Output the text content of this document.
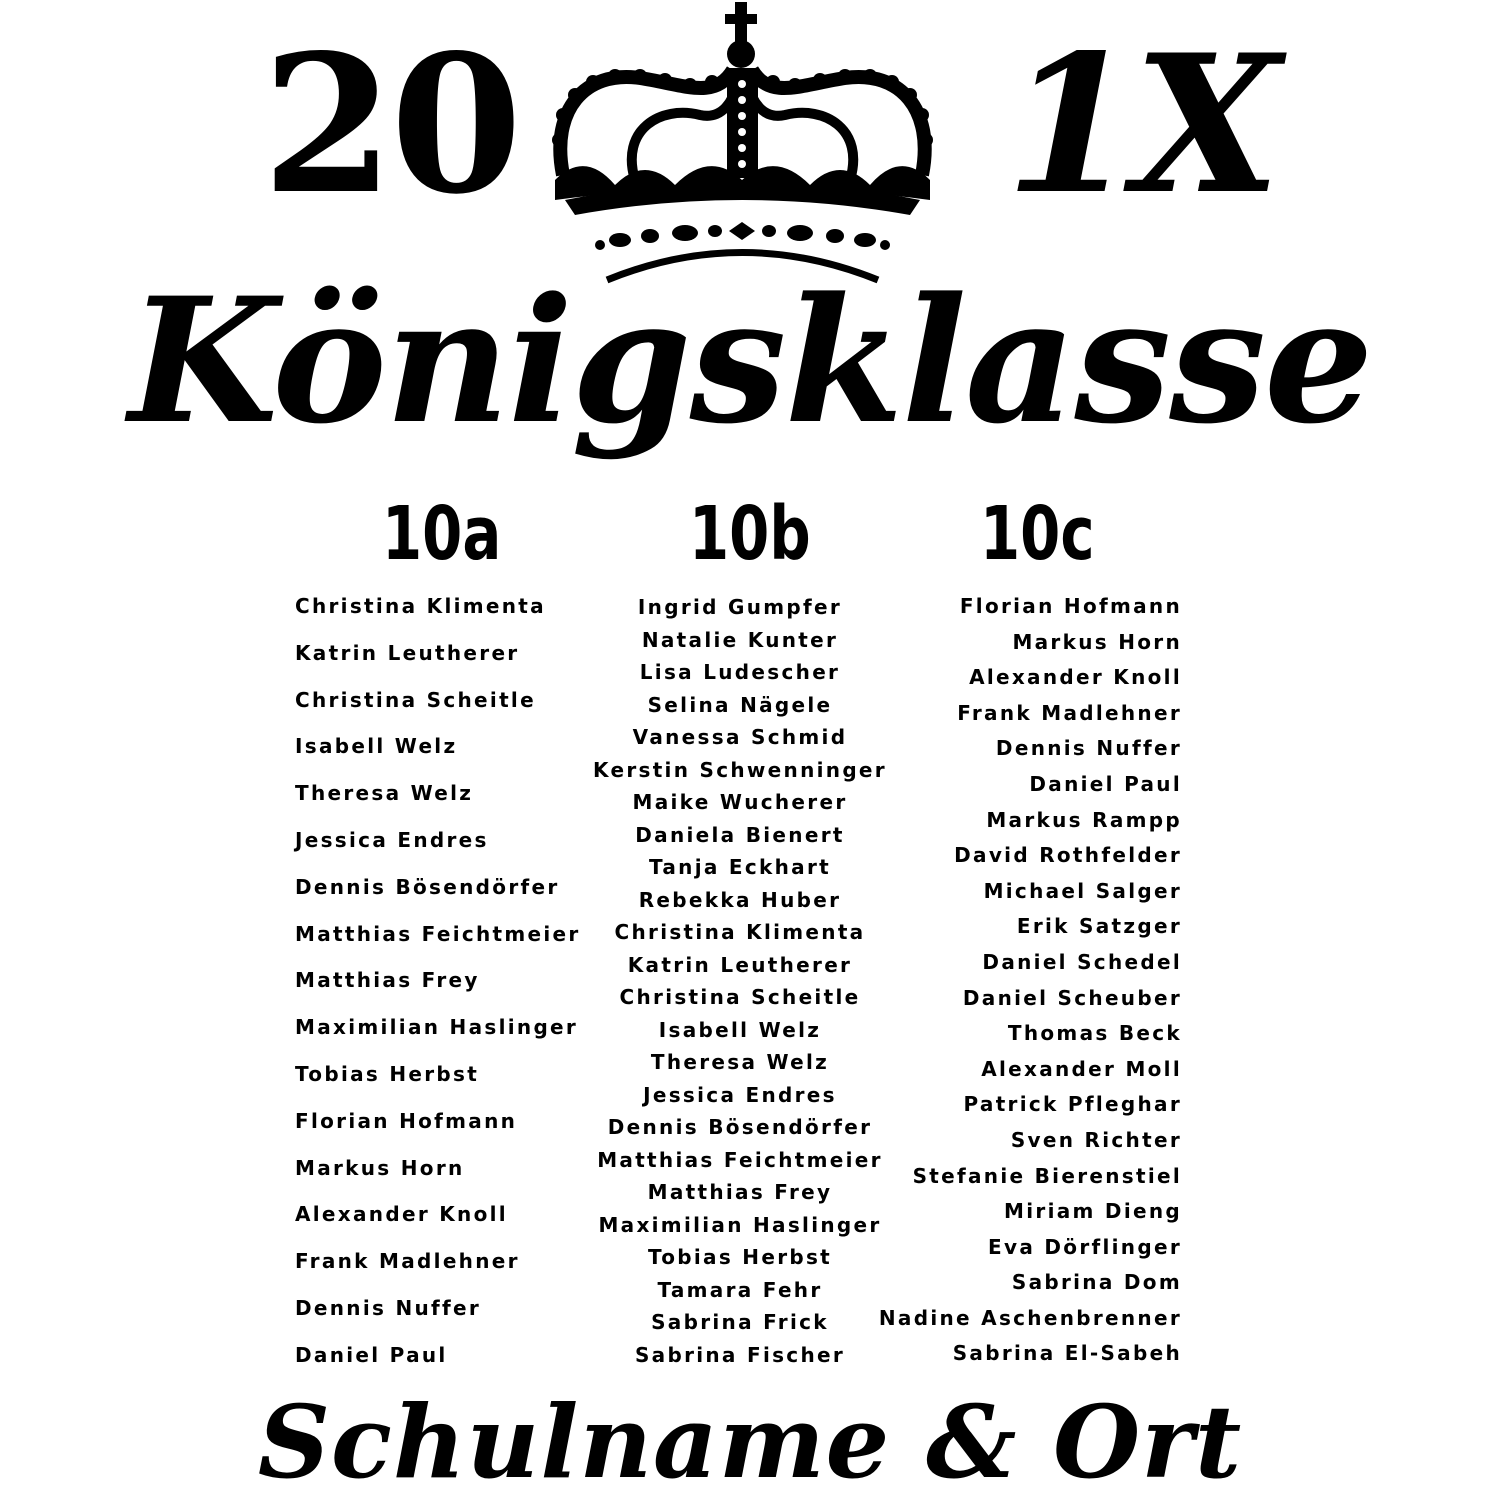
20	1X
Königsklasse
10a	10b 10c
Christina Klimenta
Katrin Leutherer
Christina Scheitle
Isabell Welz
Theresa Welz
Jessica Endres
Dennis Bösendörfer
Matthias Feichtmeier
Matthias Frey
Maximilian Haslinger
Tobias Herbst
Florian Hofmann
Markus Horn
Alexander Knoll
Frank Madlehner
Dennis Nuffer
Daniel Paul
Ingrid Gumpfer
Natalie Kunter
Lisa Ludescher
Selina Nägele
Vanessa Schmid
Kerstin Schwenninger
Maike Wucherer
Daniela Bienert
Tanja Eckhart
Rebekka Huber
Christina Klimenta
Katrin Leutherer
Christina Scheitle
Isabell Welz
Theresa Welz
Jessica Endres
Dennis Bösendörfer
Matthias Feichtmeier
Matthias Frey
Maximilian Haslinger
Tobias Herbst
Tamara Fehr
Sabrina Frick
Sabrina Fischer
Florian Hofmann
Markus Horn
Alexander Knoll
Frank Madlehner
Dennis Nuffer
Daniel Paul
Markus Rampp
David Rothfelder
Michael Salger
Erik Satzger
Daniel Schedel
Daniel Scheuber
Thomas Beck
Alexander Moll
Patrick Pfleghar
Sven Richter
Stefanie Bierenstiel
Miriam Dieng
Eva Dörflinger
Sabrina Dom
Nadine Aschenbrenner
Sabrina El-Sabeh
Schulname & Ort
